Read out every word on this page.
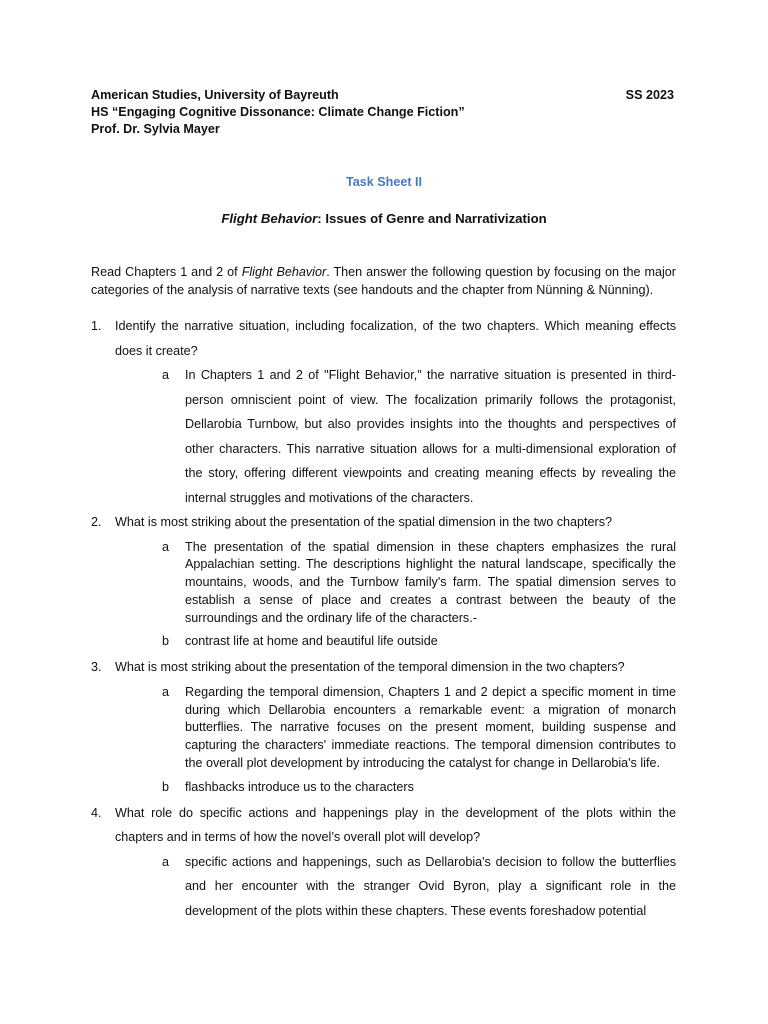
American Studies, University of Bayreuth
HS “Engaging Cognitive Dissonance: Climate Change Fiction”
Prof. Dr. Sylvia Mayer
SS 2023
Task Sheet II
Flight Behavior: Issues of Genre and Narrativization

Read Chapters 1 and 2 of Flight Behavior. Then answer the following question by focusing on the major categories of the analysis of narrative texts (see handouts and the chapter from Nünning & Nünning).

1. Identify the narrative situation, including focalization, of the two chapters. Which meaning effects does it create?
a In Chapters 1 and 2 of "Flight Behavior," the narrative situation is presented in third-person omniscient point of view. The focalization primarily follows the protagonist, Dellarobia Turnbow, but also provides insights into the thoughts and perspectives of other characters. This narrative situation allows for a multi-dimensional exploration of the story, offering different viewpoints and creating meaning effects by revealing the internal struggles and motivations of the characters.
2. What is most striking about the presentation of the spatial dimension in the two chapters?
a The presentation of the spatial dimension in these chapters emphasizes the rural Appalachian setting. The descriptions highlight the natural landscape, specifically the mountains, woods, and the Turnbow family's farm. The spatial dimension serves to establish a sense of place and creates a contrast between the beauty of the surroundings and the ordinary life of the characters.-
b contrast life at home and beautiful life outside
3. What is most striking about the presentation of the temporal dimension in the two chapters?
a Regarding the temporal dimension, Chapters 1 and 2 depict a specific moment in time during which Dellarobia encounters a remarkable event: a migration of monarch butterflies. The narrative focuses on the present moment, building suspense and capturing the characters' immediate reactions. The temporal dimension contributes to the overall plot development by introducing the catalyst for change in Dellarobia's life.
b flashbacks introduce us to the characters
4. What role do specific actions and happenings play in the development of the plots within the chapters and in terms of how the novel’s overall plot will develop?
a specific actions and happenings, such as Dellarobia's decision to follow the butterflies and her encounter with the stranger Ovid Byron, play a significant role in the development of the plots within these chapters. These events foreshadow potential
